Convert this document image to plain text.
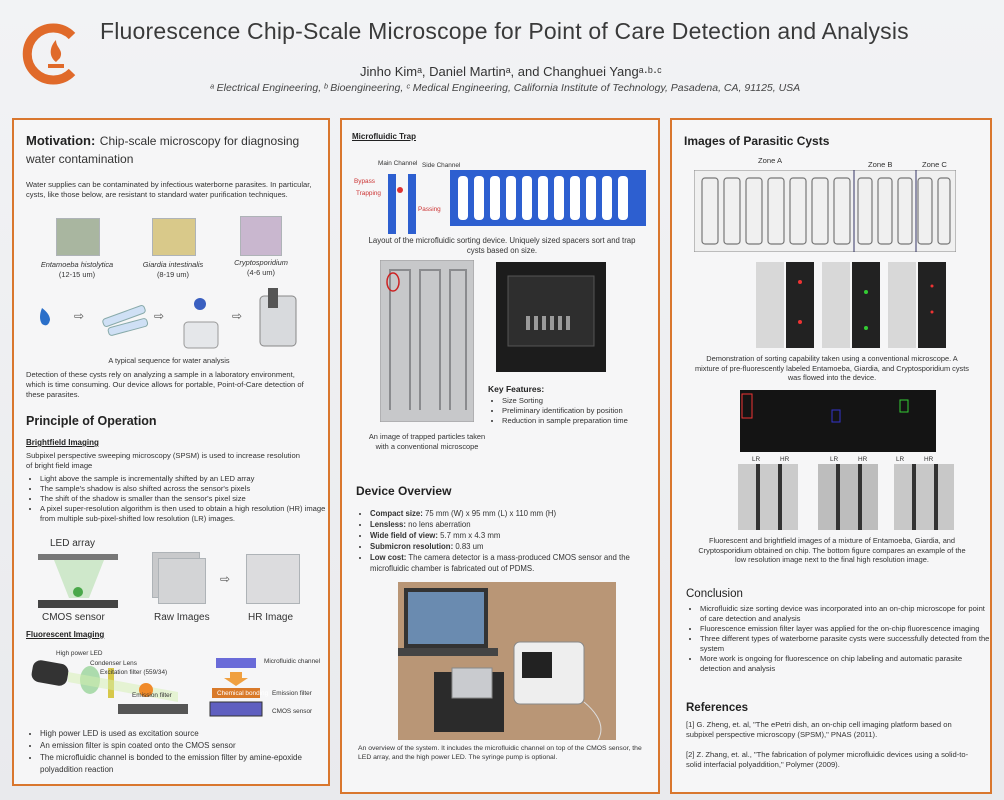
Fluorescence Chip-Scale Microscope for Point of Care Detection and Analysis
Jinho Kimᵃ, Daniel Martinᵃ, and Changhuei Yangᵃ·ᵇ·ᶜ
ᵃ Electrical Engineering, ᵇ Bioengineering, ᶜ Medical Engineering, California Institute of Technology, Pasadena, CA, 91125, USA
Motivation: Chip-scale microscopy for diagnosing water contamination
Water supplies can be contaminated by infectious waterborne parasites. In particular, cysts, like those below, are resistant to standard water purification techniques.
Entamoeba histolytica
(12-15 um)
Giardia intestinalis
(8-19 um)
Cryptosporidium
(4-6 um)
⇨	⇨	⇨
A typical sequence for water analysis
Detection of these cysts rely on analyzing a sample in a laboratory environment, which is time consuming. Our device allows for portable, Point-of-Care detection of these parasites.
Principle of Operation
Brightfield Imaging
Subpixel perspective sweeping microscopy (SPSM) is used to increase resolution of bright field image
• Light above the sample is incrementally shifted by an LED array
• The sample's shadow is also shifted across the sensor's pixels
• The shift of the shadow is smaller than the sensor's pixel size
• A pixel super-resolution algorithm is then used to obtain a high resolution (HR) image from multiple sub-pixel-shifted low resolution (LR) images.
LED array
CMOS sensor	Raw Images
⇨
HR Image
Fluorescent Imaging
High power LED
Condenser Lens
Excitation filter (559/34)
Emission filter
Microfluidic channel
Chemical bonding Emission filter
CMOS sensor
• High power LED is used as excitation source
• An emission filter is spin coated onto the CMOS sensor
• The microfluidic channel is bonded to the emission filter by amine-epoxide polyaddition reaction
Microfluidic Trap
Main Channel Side Channel
Bypass
Trapping
Passing
Layout of the microfluidic sorting device. Uniquely sized spacers sort and trap cysts based on size.
An image of trapped particles taken with a conventional microscope
Key Features:
• Size Sorting
• Preliminary identification by position
• Reduction in sample preparation time
Device Overview
• Compact size: 75 mm (W) x 95 mm (L) x 110 mm (H)
• Lensless: no lens aberration
• Wide field of view: 5.7 mm x 4.3 mm
• Submicron resolution: 0.83 um
• Low cost: The camera detector is a mass-produced CMOS sensor and the microfluidic chamber is fabricated out of PDMS.
An overview of the system. It includes the microfluidic channel on top of the CMOS sensor, the LED array, and the high power LED. The syringe pump is optional.
Images of Parasitic Cysts
Zone A	Zone B	Zone C
Demonstration of sorting capability taken using a conventional microscope. A mixture of pre-fluorescently labeled Entamoeba, Giardia, and Cryptosporidium cysts was flowed into the device.
LR	HR	LR	HR	LR	HR
Fluorescent and brightfield images of a mixture of Entamoeba, Giardia, and Cryptosporidium obtained on chip. The bottom figure compares an example of the low resolution image next to the final high resolution image.
Conclusion
• Microfluidic size sorting device was incorporated into an on-chip microscope for point of care detection and analysis
• Fluorescence emission filter layer was applied for the on-chip fluorescence imaging
• Three different types of waterborne parasite cysts were successfully detected from the system
• More work is ongoing for fluorescence on chip labeling and automatic parasite detection and analysis
References
[1] G. Zheng, et. al, "The ePetri dish, an on-chip cell imaging platform based on subpixel perspective microscopy (SPSM)," PNAS (2011).
[2] Z. Zhang, et. al., "The fabrication of polymer microfluidic devices using a solid-to-solid interfacial polyaddition," Polymer (2009).
